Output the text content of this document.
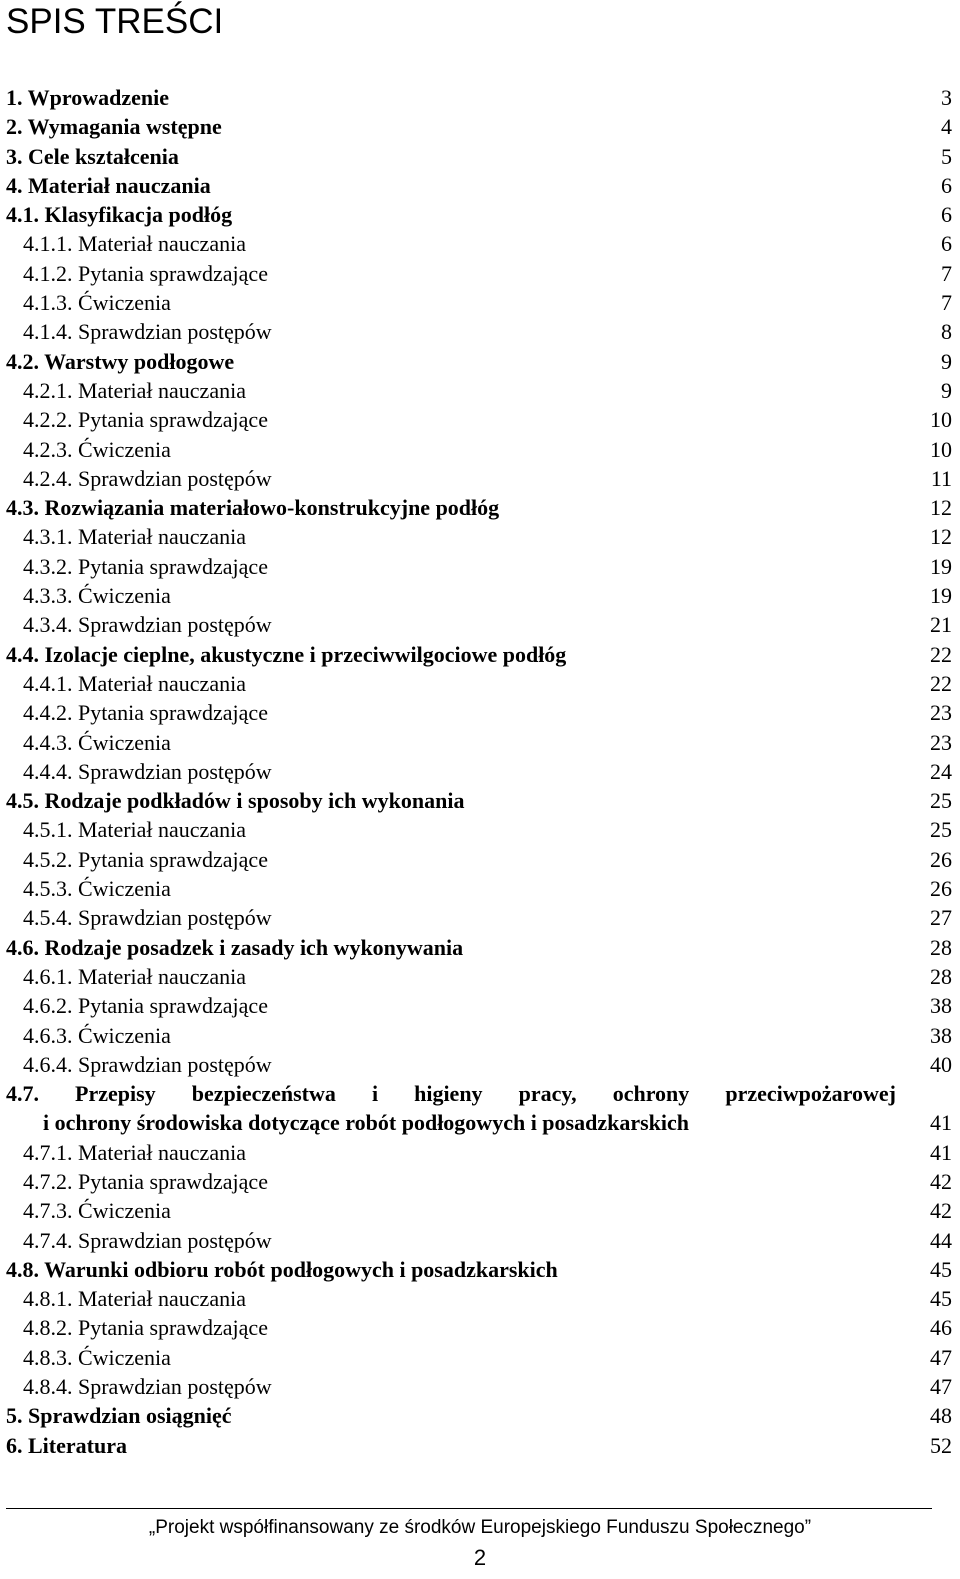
SPIS TREŚCI
1. Wprowadzenie	3
2. Wymagania wstępne	4
3. Cele kształcenia	5
4. Materiał nauczania	6
4.1. Klasyfikacja podłóg	6
4.1.1. Materiał nauczania	6
4.1.2. Pytania sprawdzające	7
4.1.3. Ćwiczenia	7
4.1.4. Sprawdzian postępów	8
4.2. Warstwy podłogowe	9
4.2.1. Materiał nauczania	9
4.2.2. Pytania sprawdzające	10
4.2.3. Ćwiczenia	10
4.2.4. Sprawdzian postępów	11
4.3. Rozwiązania materiałowo-konstrukcyjne podłóg	12
4.3.1. Materiał nauczania	12
4.3.2. Pytania sprawdzające	19
4.3.3. Ćwiczenia	19
4.3.4. Sprawdzian postępów	21
4.4. Izolacje cieplne, akustyczne i przeciwwilgociowe podłóg	22
4.4.1. Materiał nauczania	22
4.4.2. Pytania sprawdzające	23
4.4.3. Ćwiczenia	23
4.4.4. Sprawdzian postępów	24
4.5. Rodzaje podkładów i sposoby ich wykonania	25
4.5.1. Materiał nauczania	25
4.5.2. Pytania sprawdzające	26
4.5.3. Ćwiczenia	26
4.5.4. Sprawdzian postępów	27
4.6. Rodzaje posadzek i zasady ich wykonywania	28
4.6.1. Materiał nauczania	28
4.6.2. Pytania sprawdzające	38
4.6.3. Ćwiczenia	38
4.6.4. Sprawdzian postępów	40
4.7. Przepisy bezpieczeństwa i higieny pracy, ochrony przeciwpożarowej
i ochrony środowiska dotyczące robót podłogowych i posadzkarskich	41
4.7.1. Materiał nauczania	41
4.7.2. Pytania sprawdzające	42
4.7.3. Ćwiczenia	42
4.7.4. Sprawdzian postępów	44
4.8. Warunki odbioru robót podłogowych i posadzkarskich	45
4.8.1. Materiał nauczania	45
4.8.2. Pytania sprawdzające	46
4.8.3. Ćwiczenia	47
4.8.4. Sprawdzian postępów	47
5. Sprawdzian osiągnięć	48
6. Literatura	52
„Projekt współfinansowany ze środków Europejskiego Funduszu Społecznego”
2
